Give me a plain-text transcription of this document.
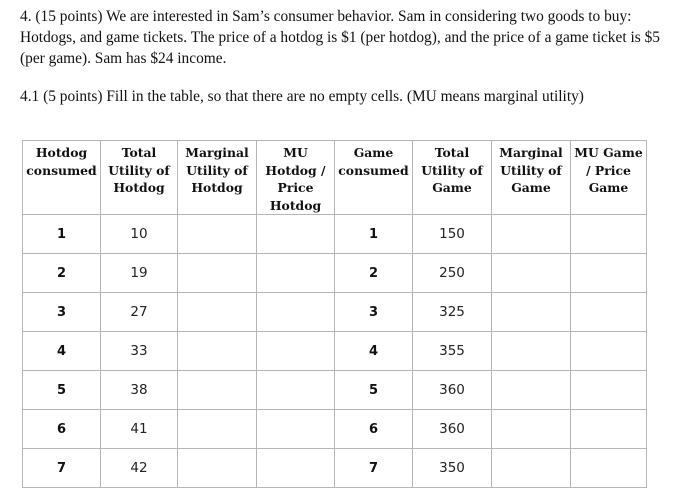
4. (15 points) We are interested in Sam’s consumer behavior. Sam in considering two goods to buy: Hotdogs, and game tickets. The price of a hotdog is $1 (per hotdog), and the price of a game ticket is $5 (per game). Sam has $24 income.

4.1 (5 points) Fill in the table, so that there are no empty cells. (MU means marginal utility)

Hotdog consumed	Total Utility of Hotdog	Marginal Utility of Hotdog	MU Hotdog / Price Hotdog	Game consumed	Total Utility of Game	Marginal Utility of Game	MU Game / Price Game
1	10			1	150		
2	19			2	250		
3	27			3	325		
4	33			4	355		
5	38			5	360		
6	41			6	360		
7	42			7	350		
